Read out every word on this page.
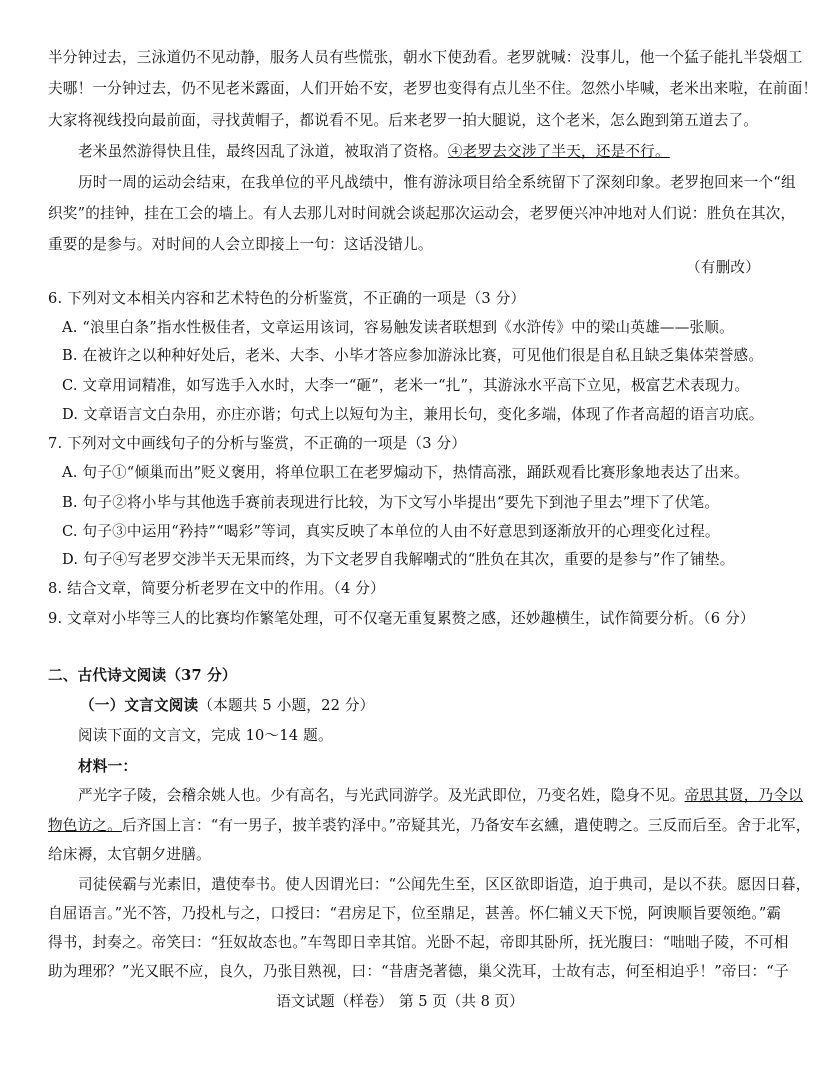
半分钟过去，三泳道仍不见动静，服务人员有些慌张，朝水下使劲看。老罗就喊：没事儿，他一个猛子能扎半袋烟工
夫哪！一分钟过去，仍不见老米露面，人们开始不安，老罗也变得有点儿坐不住。忽然小毕喊，老米出来啦，在前面！
大家将视线投向最前面，寻找黄帽子，都说看不见。后来老罗一拍大腿说，这个老米，怎么跑到第五道去了。
老米虽然游得快且佳，最终因乱了泳道，被取消了资格。④老罗去交涉了半天，还是不行。
历时一周的运动会结束，在我单位的平凡战绩中，惟有游泳项目给全系统留下了深刻印象。老罗抱回来一个“组
织奖”的挂钟，挂在工会的墙上。有人去那儿对时间就会谈起那次运动会，老罗便兴冲冲地对人们说：胜负在其次，
重要的是参与。对时间的人会立即接上一句：这话没错儿。
（有删改）
6. 下列对文本相关内容和艺术特色的分析鉴赏，不正确的一项是（3 分）
A. “浪里白条”指水性极佳者，文章运用该词，容易触发读者联想到《水浒传》中的梁山英雄——张顺。
B. 在被许之以种种好处后，老米、大李、小毕才答应参加游泳比赛，可见他们很是自私且缺乏集体荣誉感。
C. 文章用词精准，如写选手入水时，大李一“砸”，老米一“扎”，其游泳水平高下立见，极富艺术表现力。
D. 文章语言文白杂用，亦庄亦谐；句式上以短句为主，兼用长句，变化多端，体现了作者高超的语言功底。
7. 下列对文中画线句子的分析与鉴赏，不正确的一项是（3 分）
A. 句子①“倾巢而出”贬义褒用，将单位职工在老罗煽动下，热情高涨，踊跃观看比赛形象地表达了出来。
B. 句子②将小毕与其他选手赛前表现进行比较，为下文写小毕提出“要先下到池子里去”埋下了伏笔。
C. 句子③中运用“矜持”“喝彩”等词，真实反映了本单位的人由不好意思到逐渐放开的心理变化过程。
D. 句子④写老罗交涉半天无果而终，为下文老罗自我解嘲式的“胜负在其次，重要的是参与”作了铺垫。
8. 结合文章，简要分析老罗在文中的作用。（4 分）
9. 文章对小毕等三人的比赛均作繁笔处理，可不仅毫无重复累赘之感，还妙趣横生，试作简要分析。（6 分）
二、古代诗文阅读（37 分）
（一）文言文阅读（本题共 5 小题，22 分）
阅读下面的文言文，完成 10～14 题。
材料一：
严光字子陵，会稽余姚人也。少有高名，与光武同游学。及光武即位，乃变名姓，隐身不见。帝思其贤，乃令以
物色访之。后齐国上言：“有一男子，披羊裘钓泽中。”帝疑其光，乃备安车玄纁，遣使聘之。三反而后至。舍于北军，
给床褥，太官朝夕进膳。
司徒侯霸与光素旧，遣使奉书。使人因谓光曰：“公闻先生至，区区欲即诣造，迫于典司，是以不获。愿因日暮，
自屈语言。”光不答，乃投札与之，口授曰：“君房足下，位至鼎足，甚善。怀仁辅义天下悦，阿谀顺旨要领绝。”霸
得书，封奏之。帝笑曰：“狂奴故态也。”车驾即日幸其馆。光卧不起，帝即其卧所，抚光腹曰：“咄咄子陵，不可相
助为理邪？”光又眠不应，良久，乃张目熟视，曰：“昔唐尧著德，巢父洗耳，士故有志，何至相迫乎！”帝曰：“子
语文试题（样卷） 第 5 页（共 8 页）
